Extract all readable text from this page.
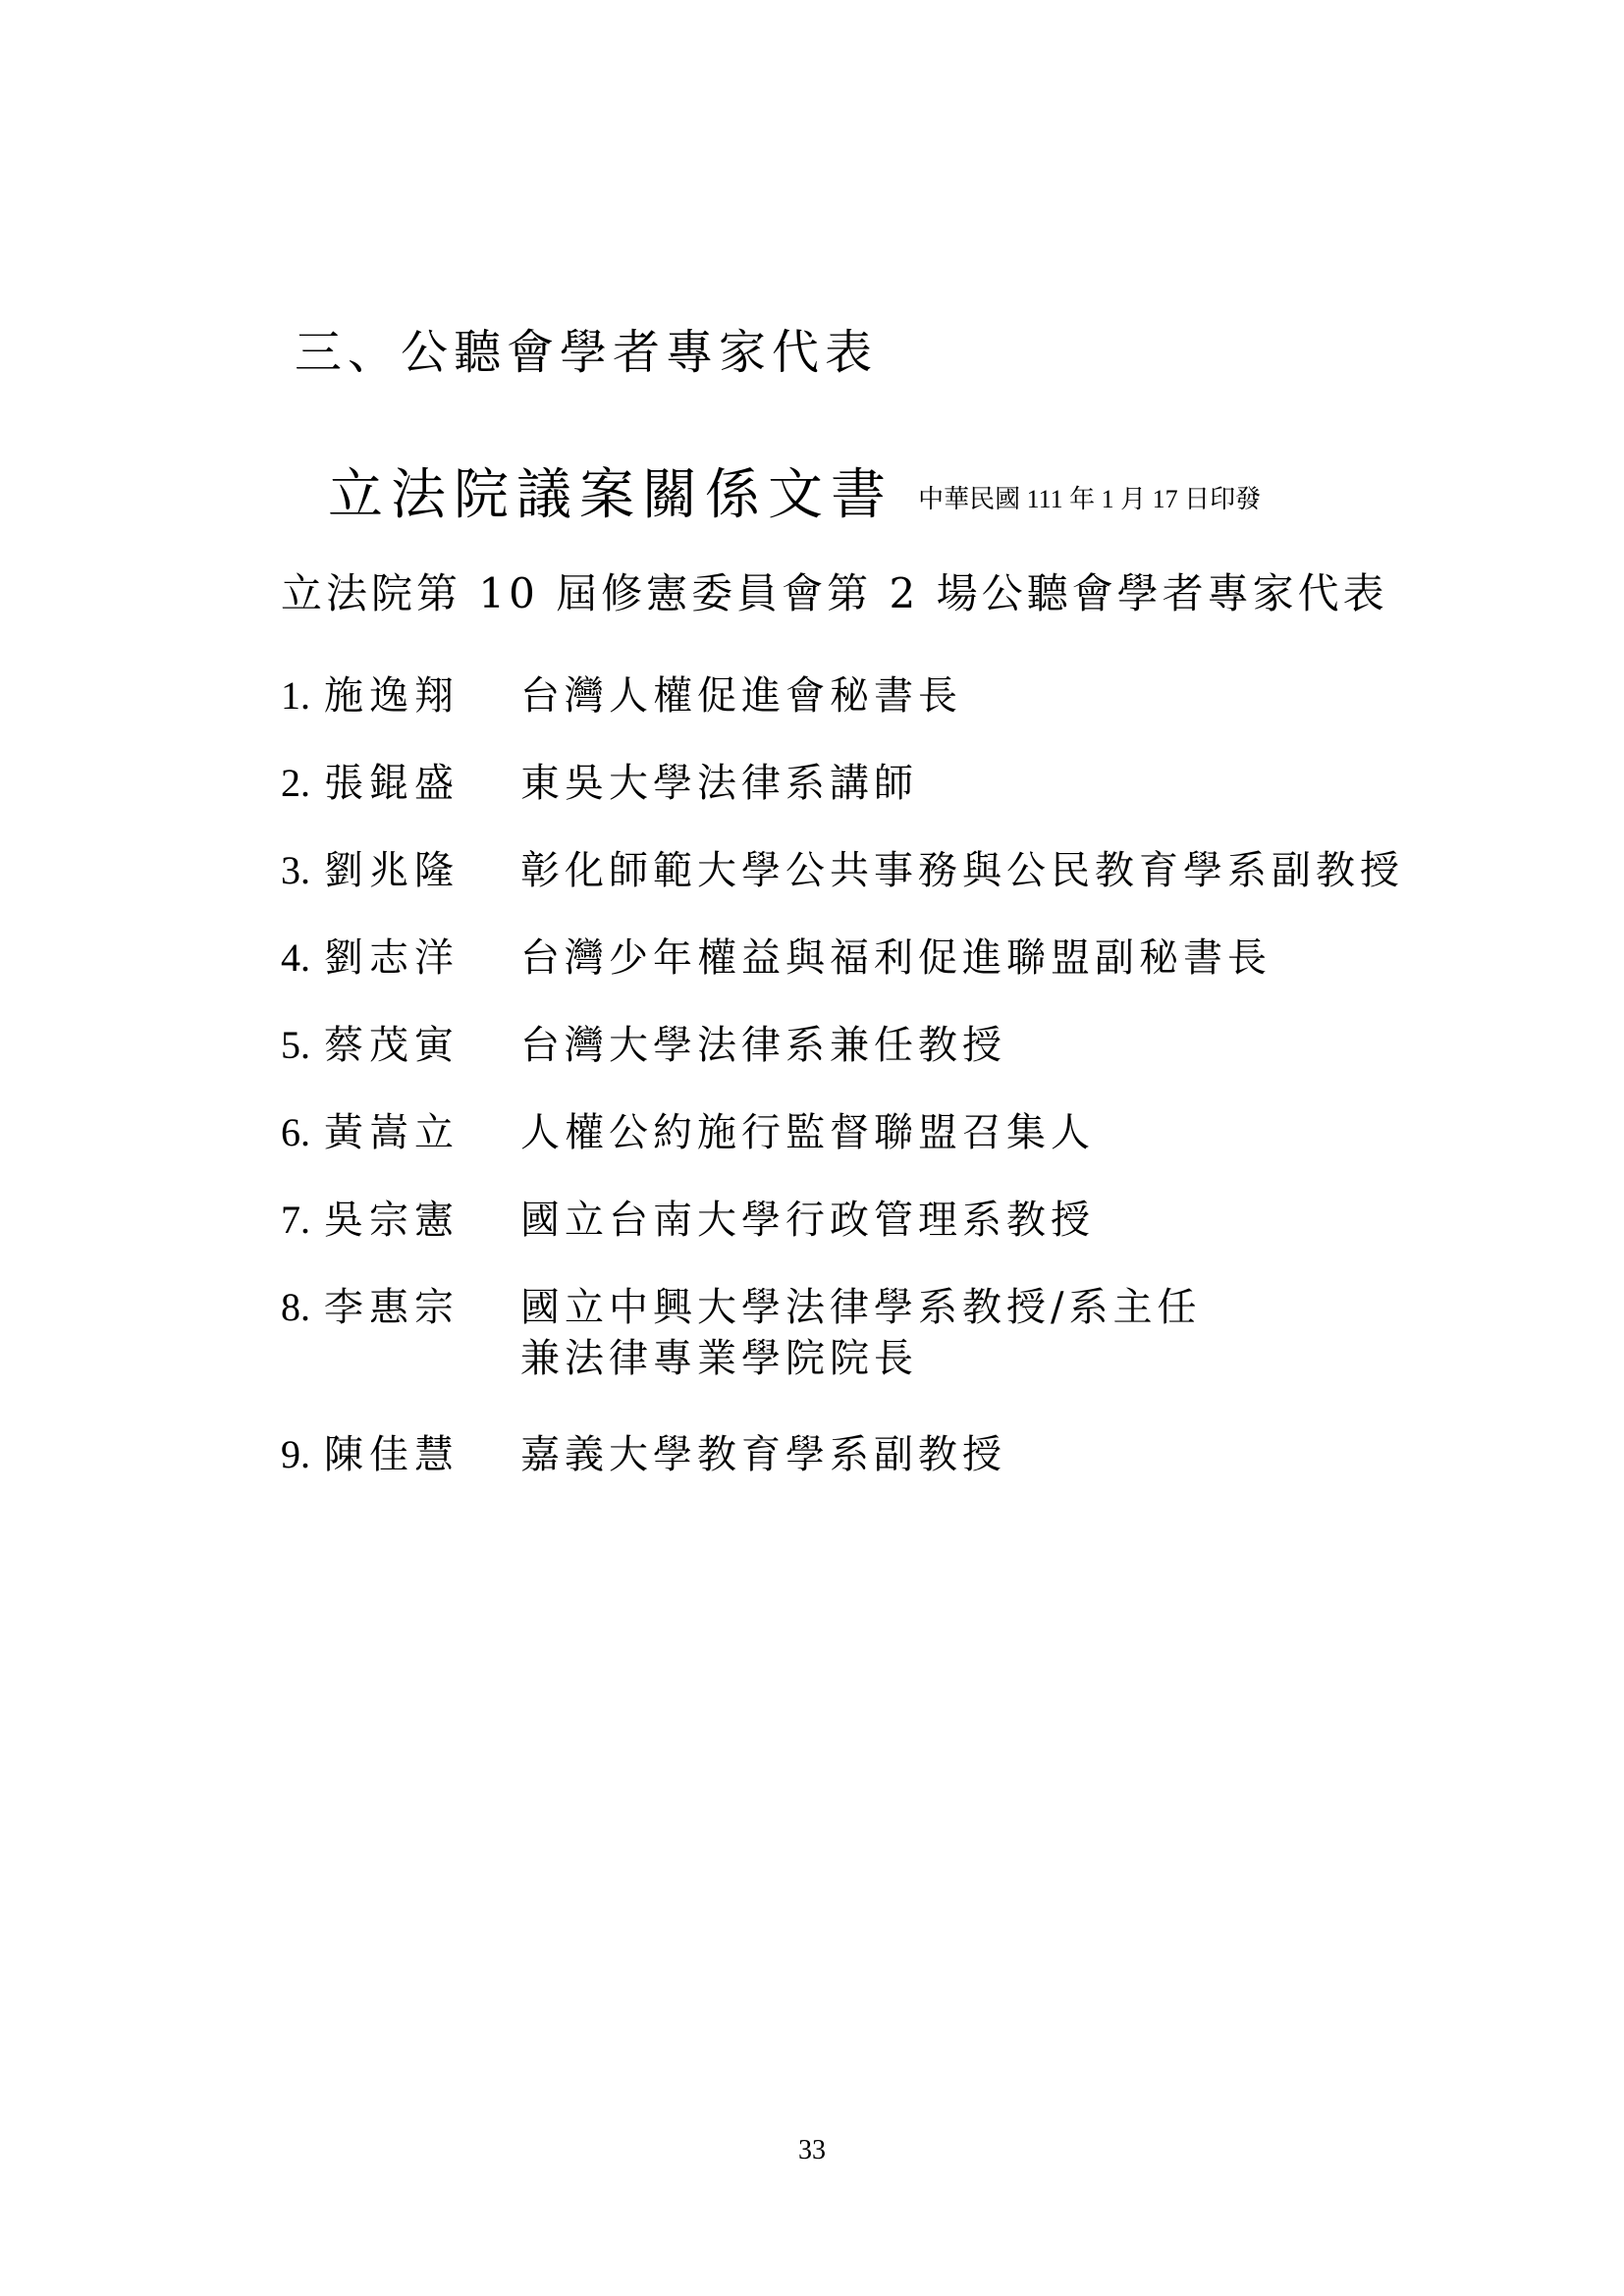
三、公聽會學者專家代表
立法院議案關係文書 中華民國 111 年 1 月 17 日印發
立法院第 10 屆修憲委員會第 2 場公聽會學者專家代表
1. 施逸翔	台灣人權促進會秘書長
2. 張錕盛	東吳大學法律系講師
3. 劉兆隆	彰化師範大學公共事務與公民教育學系副教授
4. 劉志洋	台灣少年權益與福利促進聯盟副秘書長
5. 蔡茂寅	台灣大學法律系兼任教授
6. 黃嵩立	人權公約施行監督聯盟召集人
7. 吳宗憲	國立台南大學行政管理系教授
8. 李惠宗	國立中興大學法律學系教授/系主任
兼法律專業學院院長
9. 陳佳慧	嘉義大學教育學系副教授
33
